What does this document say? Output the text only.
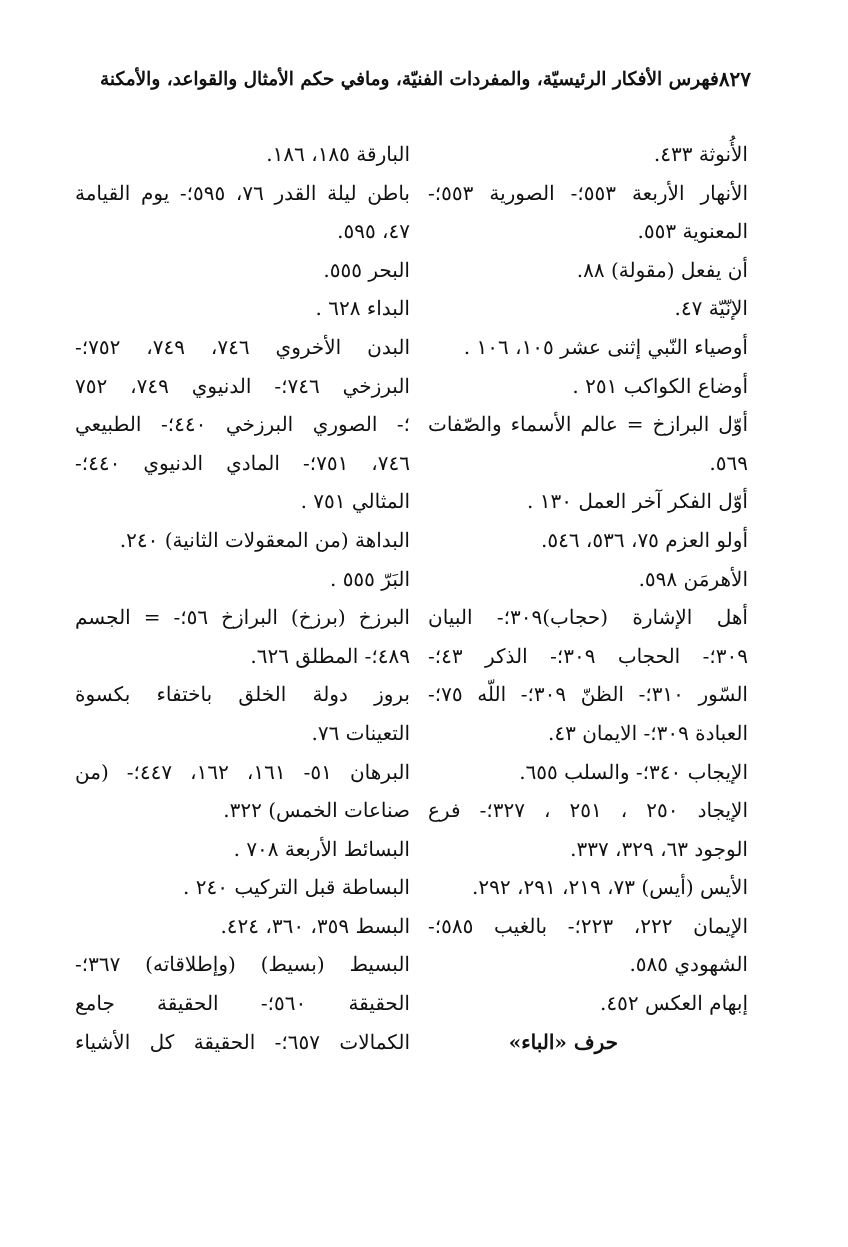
فهرس الأفكار الرئيسيّة، والمفردات الفنيّة، ومافي حكم الأمثال والقواعد، والأمكنة ٨٢٧
الأُنوثة ٤٣٣.
الأنهار الأربعة ٥٥٣؛- الصورية ٥٥٣؛-
المعنوية ٥٥٣.
أن يفعل (مقولة) ٨٨.
الإنّيّة ٤٧.
أوصياء النّبي إثنى عشر ١٠٥، ١٠٦ .
أوضاع الكواكب ٢٥١ .
أوّل البرازخ = عالم الأسماء والصّفات
٥٦٩.
أوّل الفكر آخر العمل ١٣٠ .
أولو العزم ٧٥، ٥٣٦، ٥٤٦.
الأهرمَن ٥٩٨.
أهل الإشارة (حجاب)٣٠٩؛- البيان
٣٠٩؛- الحجاب ٣٠٩؛- الذكر ٤٣؛-
السّور ٣١٠؛- الظنّ ٣٠٩؛- اللّه ٧٥؛-
العبادة ٣٠٩؛- الايمان ٤٣.
الإيجاب ٣٤٠؛- والسلب ٦٥٥.
الإيجاد ٢٥٠ ، ٢٥١ ، ٣٢٧؛- فرع
الوجود ٦٣، ٣٢٩، ٣٣٧.
الأيس (أيس) ٧٣، ٢١٩، ٢٩١، ٢٩٢.
الإيمان ٢٢٢، ٢٢٣؛- بالغيب ٥٨٥؛-
الشهودي ٥٨٥.
إبهام العكس ٤٥٢.
حرف «الباء»
البارقة ١٨٥، ١٨٦.
باطن ليلة القدر ٧٦، ٥٩٥؛- يوم القيامة
٤٧، ٥٩٥.
البحر ٥٥٥.
البداء ٦٢٨ .
البدن الأخروي ٧٤٦، ٧٤٩، ٧٥٢؛-
البرزخي ٧٤٦؛- الدنيوي ٧٤٩، ٧٥٢
؛- الصوري البرزخي ٤٤٠؛- الطبيعي
٧٤٦، ٧٥١؛- المادي الدنيوي ٤٤٠؛-
المثالي ٧٥١ .
البداهة (من المعقولات الثانية) ٢٤٠.
البَرّ ٥٥٥ .
البرزخ (برزخ) البرازخ ٥٦؛- = الجسم
٤٨٩؛- المطلق ٦٢٦.
بروز دولة الخلق باختفاء بكسوة
التعينات ٧٦.
البرهان ٥١- ١٦١، ١٦٢، ٤٤٧؛- (من
صناعات الخمس) ٣٢٢.
البسائط الأربعة ٧٠٨ .
البساطة قبل التركيب ٢٤٠ .
البسط ٣٥٩، ٣٦٠، ٤٢٤.
البسيط (بسيط) (وإطلاقاته) ٣٦٧؛-
الحقيقة ٥٦٠؛- الحقيقة جامع
الكمالات ٦٥٧؛- الحقيقة كل الأشياء
